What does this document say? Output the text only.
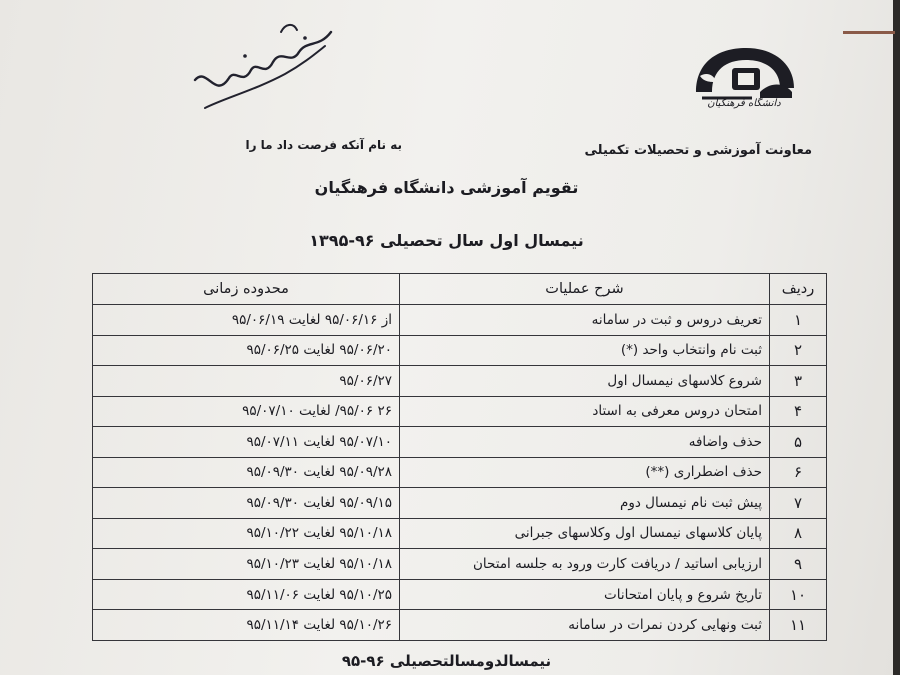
دانشگاه فرهنگیان
معاونت آموزشی و تحصیلات تکمیلی
به نام آنکه فرصت داد ما را
تقویم آموزشی دانشگاه فرهنگیان
نیمسال اول سال تحصیلی ۹۶-۱۳۹۵
ردیف	شرح عملیات	محدوده زمانی
۱	تعریف دروس و ثبت در سامانه	از ۹۵/۰۶/۱۶ لغایت ۹۵/۰۶/۱۹
۲	ثبت نام وانتخاب واحد (*)	۹۵/۰۶/۲۰ لغایت ۹۵/۰۶/۲۵
۳	شروع کلاسهای نیمسال اول	۹۵/۰۶/۲۷
۴	امتحان دروس معرفی به استاد	۲۶ ۹۵/۰۶/ لغایت ۹۵/۰۷/۱۰
۵	حذف واضافه	۹۵/۰۷/۱۰ لغایت ۹۵/۰۷/۱۱
۶	حذف اضطراری (**)	۹۵/۰۹/۲۸ لغایت ۹۵/۰۹/۳۰
۷	پیش ثبت نام نیمسال دوم	۹۵/۰۹/۱۵ لغایت ۹۵/۰۹/۳۰
۸	پایان کلاسهای نیمسال اول وکلاسهای جبرانی	۹۵/۱۰/۱۸ لغایت ۹۵/۱۰/۲۲
۹	ارزیابی اساتید / دریافت کارت ورود به جلسه امتحان	۹۵/۱۰/۱۸ لغایت ۹۵/۱۰/۲۳
۱۰	تاریخ شروع و پایان امتحانات	۹۵/۱۰/۲۵ لغایت ۹۵/۱۱/۰۶
۱۱	ثبت ونهایی کردن نمرات در سامانه	۹۵/۱۰/۲۶ لغایت ۹۵/۱۱/۱۴
نیمسالدومسالتحصیلی ۹۶-۹۵
